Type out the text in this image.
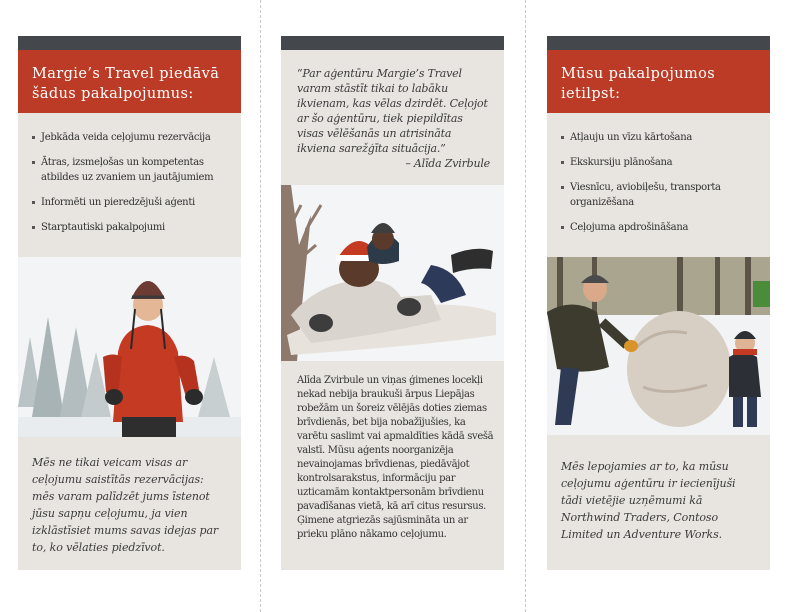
Margie’s Travel piedāvā šādus pakalpojumus:
Jebkāda veida ceļojumu rezervācija
Ātras, izsmeļošas un kompetentas atbildes uz zvaniem un jautājumiem
Informēti un pieredzējuši aģenti
Starptautiski pakalpojumi
Mēs ne tikai veicam visas ar ceļojumu saistītās rezervācijas: mēs varam palīdzēt jums īstenot jūsu sapņu ceļojumu, ja vien izklāstīsiet mums savas idejas par to, ko vēlaties piedzīvot.
“Par aģentūru Margie’s Travel varam stāstīt tikai to labāku ikvienam, kas vēlas dzirdēt. Ceļojot ar šo aģentūru, tiek piepildītas visas vēlēšanās un atrisināta ikviena sarežģīta situācija.”
– Alīda Zvirbule
Alīda Zvirbule un viņas ģimenes locekļi nekad nebija braukuši ārpus Liepājas robežām un šoreiz vēlējās doties ziemas brīvdienās, bet bija nobažījušies, ka varētu saslimt vai apmaldīties kādā svešā valstī. Mūsu aģents noorganizēja nevainojamas brīvdienas, piedāvājot kontrolsarakstus, informāciju par uzticamām kontaktpersonām brīvdienu pavadīšanas vietā, kā arī citus resursus. Ģimene atgriezās sajūsmināta un ar prieku plāno nākamo ceļojumu.
Mūsu pakalpojumos ietilpst:
Atļauju un vīzu kārtošana
Ekskursiju plānošana
Viesnīcu, aviobiļešu, transporta organizēšana
Ceļojuma apdrošināšana
Mēs lepojamies ar to, ka mūsu ceļojumu aģentūru ir iecienījuši tādi vietējie uzņēmumi kā Northwind Traders, Contoso Limited un Adventure Works.
